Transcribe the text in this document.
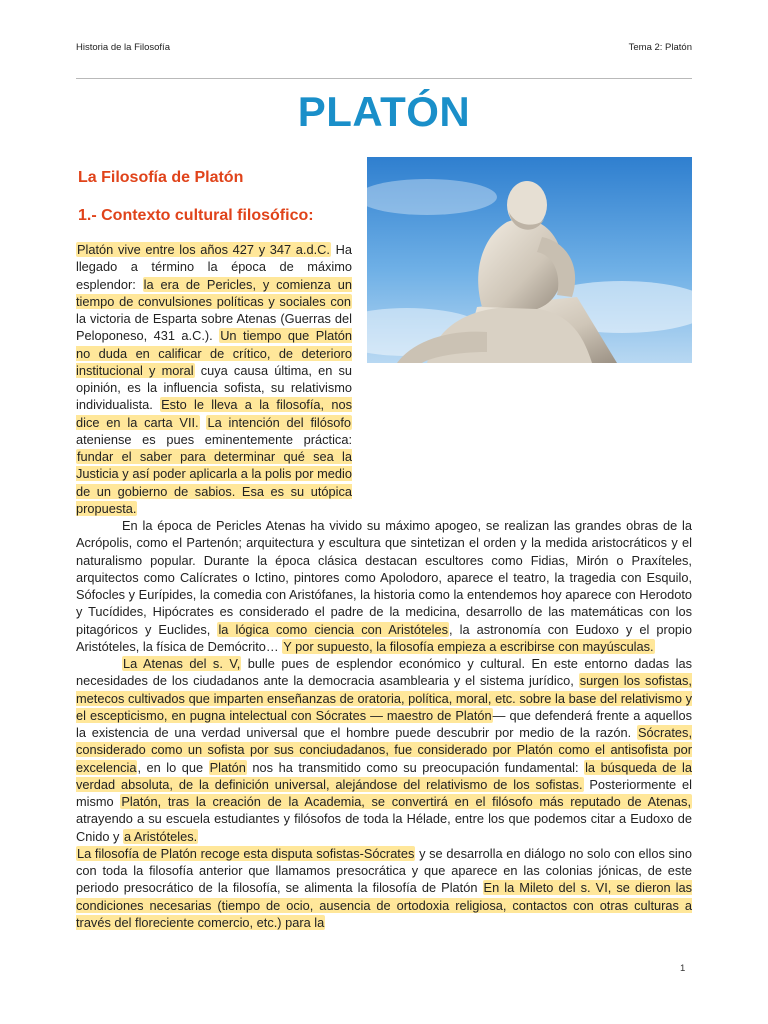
Historia de la Filosofía	Tema 2: Platón
PLATÓN
La Filosofía de Platón
1.- Contexto cultural filosófico:

Platón vive entre los años 427 y 347 a.d.C. Ha llegado a término la época de máximo esplendor: la era de Pericles, y comienza un tiempo de convulsiones políticas y sociales con la victoria de Esparta sobre Atenas (Guerras del Peloponeso, 431 a.C.). Un tiempo que Platón no duda en calificar de crítico, de deterioro institucional y moral cuya causa última, en su opinión, es la influencia sofista, su relativismo individualista. Esto le lleva a la filosofía, nos dice en la carta VII. La intención del filósofo ateniense es pues eminentemente práctica: fundar el saber para determinar qué sea la Justicia y así poder aplicarla a la polis por medio de un gobierno de sabios. Esa es su utópica propuesta.

En la época de Pericles Atenas ha vivido su máximo apogeo, se realizan las grandes obras de la Acrópolis, como el Partenón; arquitectura y escultura que sintetizan el orden y la medida aristocráticos y el naturalismo popular. Durante la época clásica destacan escultores como Fidias, Mirón o Praxíteles, arquitectos como Calícrates o Ictino, pintores como Apolodoro, aparece el teatro, la tragedia con Esquilo, Sófocles y Eurípides, la comedia con Aristófanes, la historia como la entendemos hoy aparece con Herodoto y Tucídides, Hipócrates es considerado el padre de la medicina, desarrollo de las matemáticas con los pitagóricos y Euclides, la lógica como ciencia con Aristóteles, la astronomía con Eudoxo y el propio Aristóteles, la física de Demócrito… Y por supuesto, la filosofía empieza a escribirse con mayúsculas.

La Atenas del s. V, bulle pues de esplendor económico y cultural. En este entorno dadas las necesidades de los ciudadanos ante la democracia asamblearia y el sistema jurídico, surgen los sofistas, metecos cultivados que imparten enseñanzas de oratoria, política, moral, etc. sobre la base del relativismo y el escepticismo, en pugna intelectual con Sócrates — maestro de Platón— que defenderá frente a aquellos la existencia de una verdad universal que el hombre puede descubrir por medio de la razón. Sócrates, considerado como un sofista por sus conciudadanos, fue considerado por Platón como el antisofista por excelencia, en lo que Platón nos ha transmitido como su preocupación fundamental: la búsqueda de la verdad absoluta, de la definición universal, alejándose del relativismo de los sofistas. Posteriormente el mismo Platón, tras la creación de la Academia, se convertirá en el filósofo más reputado de Atenas, atrayendo a su escuela estudiantes y filósofos de toda la Hélade, entre los que podemos citar a Eudoxo de Cnido y a Aristóteles.

La filosofía de Platón recoge esta disputa sofistas-Sócrates y se desarrolla en diálogo no solo con ellos sino con toda la filosofía anterior que llamamos presocrática y que aparece en las colonias jónicas, de este periodo presocrático de la filosofía, se alimenta la filosofía de Platón En la Mileto del s. VI, se dieron las condiciones necesarias (tiempo de ocio, ausencia de ortodoxia religiosa, contactos con otras culturas a través del floreciente comercio, etc.) para la

1
